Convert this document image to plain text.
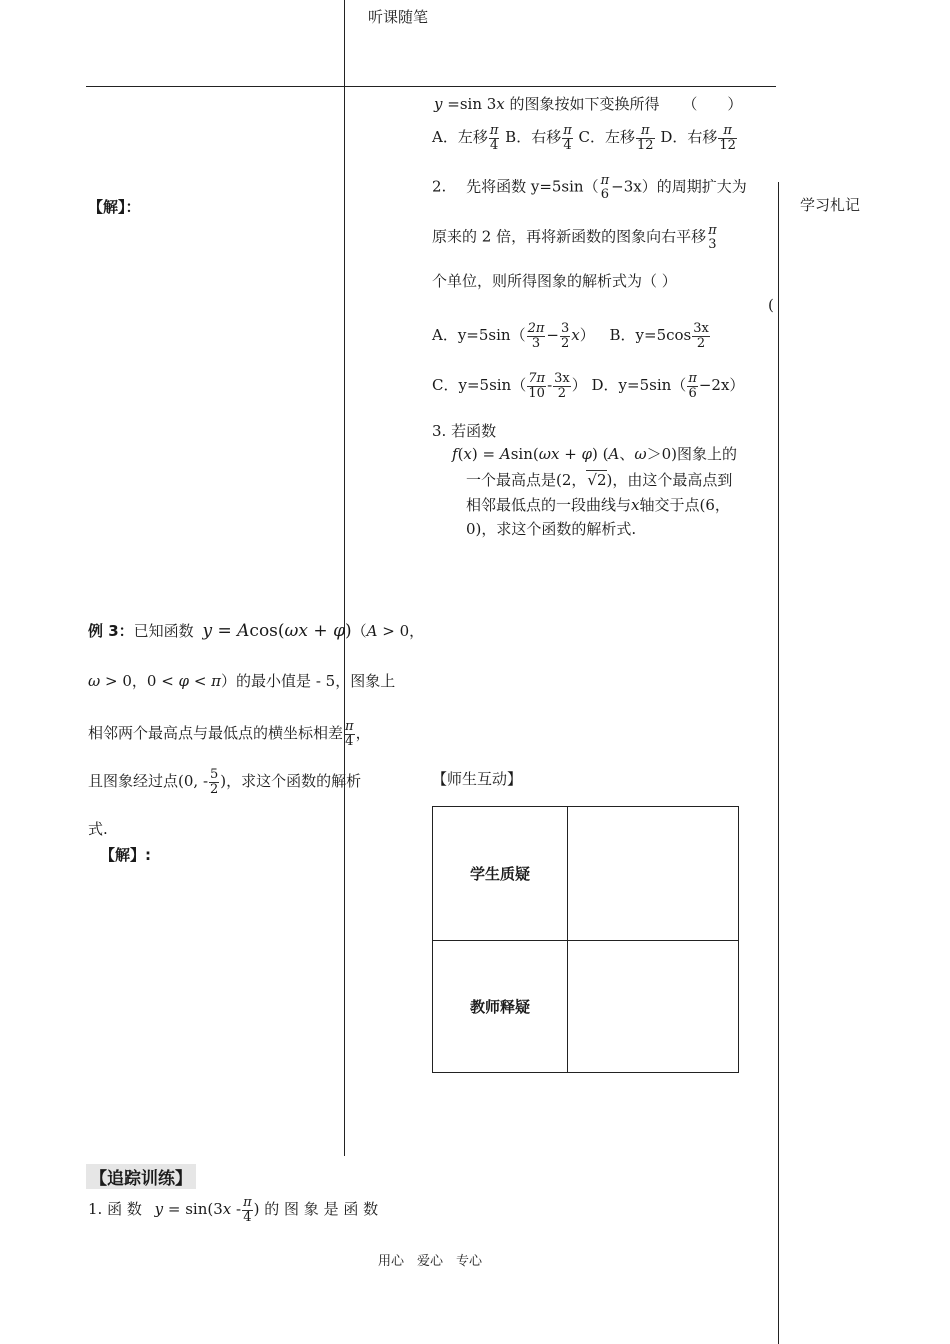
听课随笔
学习札记
y =sin 3x 的图象按如下变换所得 （　　）
A．左移 $\frac{\pi}{4}$ B．右移 $\frac{\pi}{4}$ C．左移 $\frac{\pi}{12}$ D．右移 $\frac{\pi}{12}$
2.　 先将函数 y=5sin（ π
6 −3x）的周期扩大为
原来的 2 倍，再将新函数的图象向右平移 π
3
个单位，则所得图象的解析式为（ ）
(
A．$y=5\sin( \frac{2\pi}{3} - \frac{3}{2} x)$ B．$y=5\cos \frac{3x}{2}$
C．$y=5\sin( \frac{7\pi}{10} - \frac{3x}{2}$ ） D．$y=5\sin( \frac{\pi}{6} -2x)$
3. 若函数
f(x) = Asin(ωx + φ) (A、ω＞0)图象上的
一个最高点是(2，√2)，由这个最高点到
相邻最低点的一段曲线与x轴交于点(6，
0)，求这个函数的解析式.
【解】：
例 3：已知函数 y = Acos(ωx + φ)（A > 0，
ω > 0，0 < φ < π）的最小值是 - 5，图象上
相邻两个最高点与最低点的横坐标相差 $\frac{\pi}{4}$ ，
且图象经过点(0, - $\frac{5}{2}$ )，求这个函数的解析
式.
【解】:
【师生互动】
学生质疑	
教师释疑	
【追踪训练】
1. 函 数 $y = \sin(3x - \frac{\pi}{4}$ ) 的 图 象 是 函 数
用心　爱心　专心
